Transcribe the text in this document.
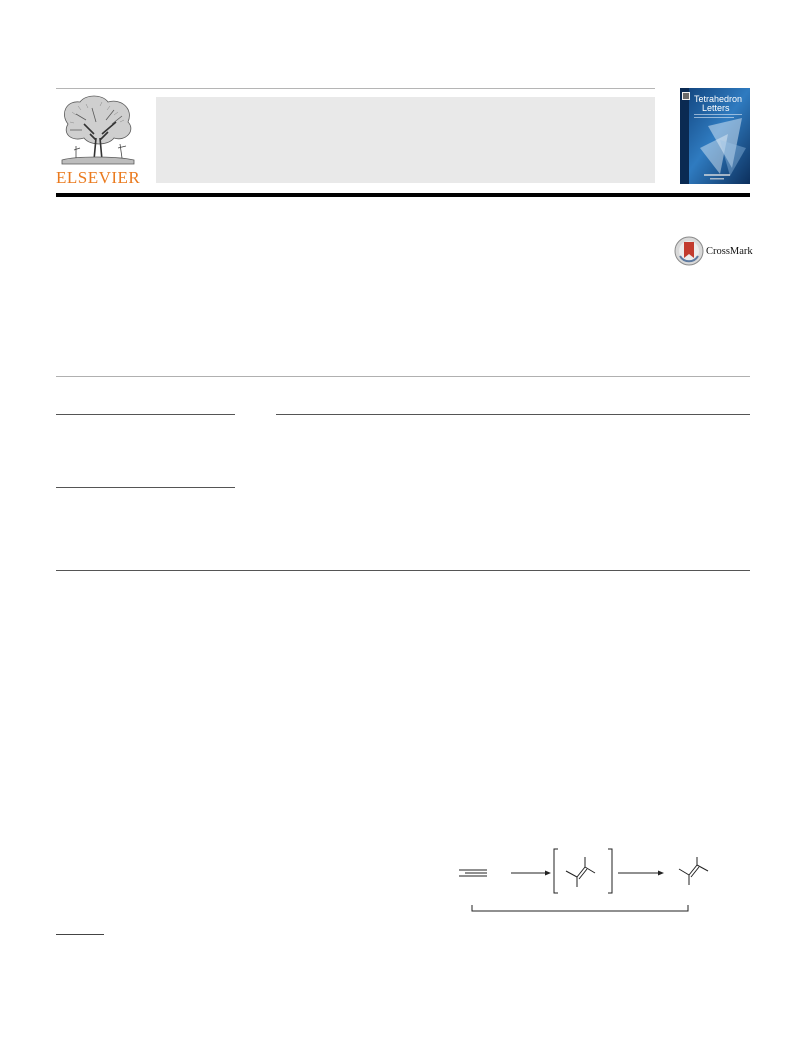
ELSEVIER
Tetrahedron
Letters
CrossMark
